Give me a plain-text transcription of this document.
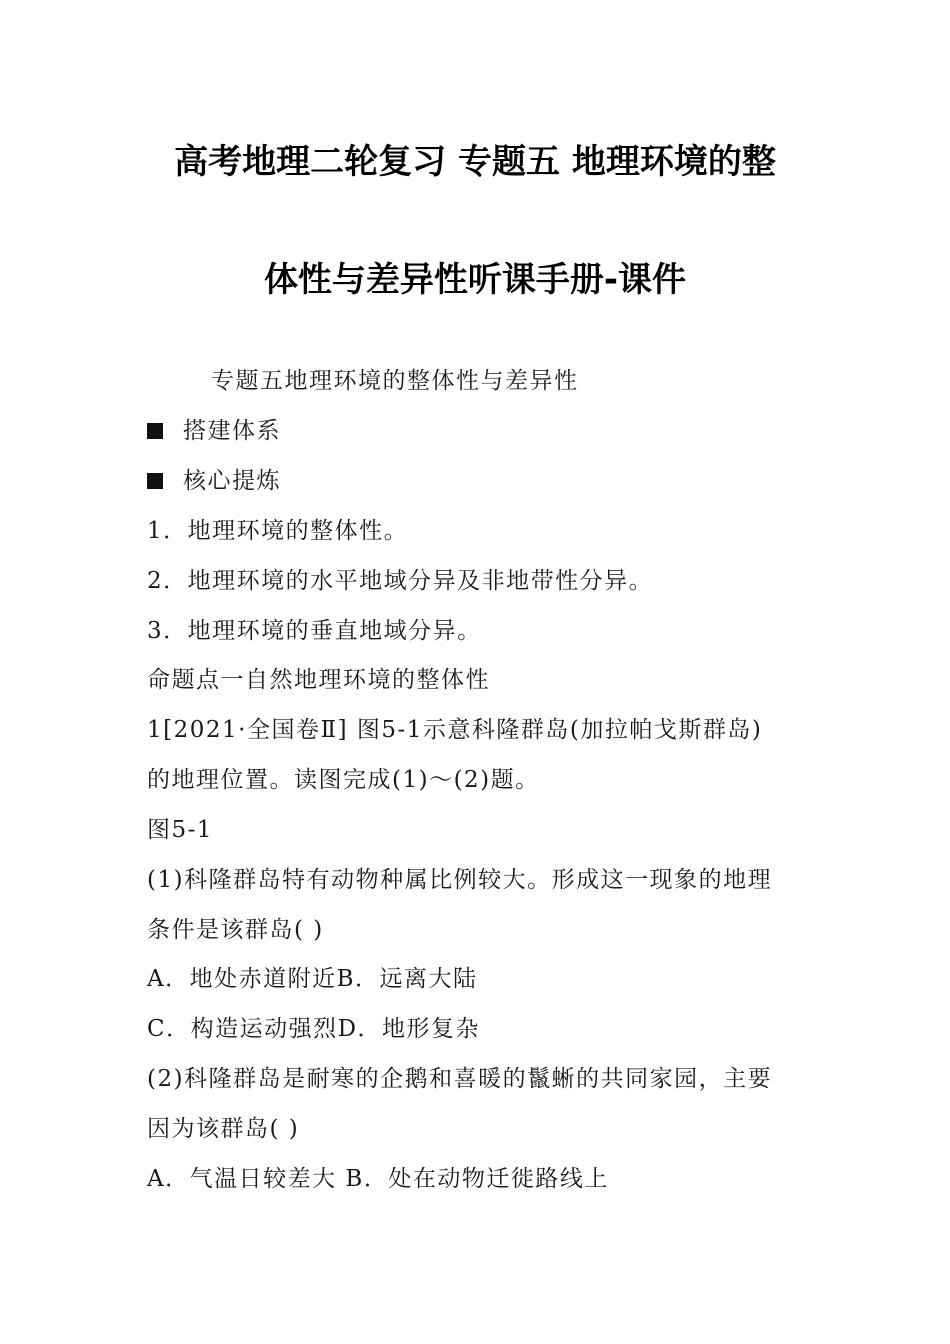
高考地理二轮复习 专题五 地理环境的整
体性与差异性听课手册-课件
专题五地理环境的整体性与差异性
搭建体系
核心提炼
1．地理环境的整体性。
2．地理环境的水平地域分异及非地带性分异。
3．地理环境的垂直地域分异。
命题点一自然地理环境的整体性
1[2021·全国卷Ⅱ] 图5-1示意科隆群岛(加拉帕戈斯群岛)
的地理位置。读图完成(1)～(2)题。
图5-1
(1)科隆群岛特有动物种属比例较大。形成这一现象的地理
条件是该群岛( )
A．地处赤道附近B．远离大陆
C．构造运动强烈D．地形复杂
(2)科隆群岛是耐寒的企鹅和喜暖的鬣蜥的共同家园，主要
因为该群岛( )
A．气温日较差大 B．处在动物迁徙路线上
